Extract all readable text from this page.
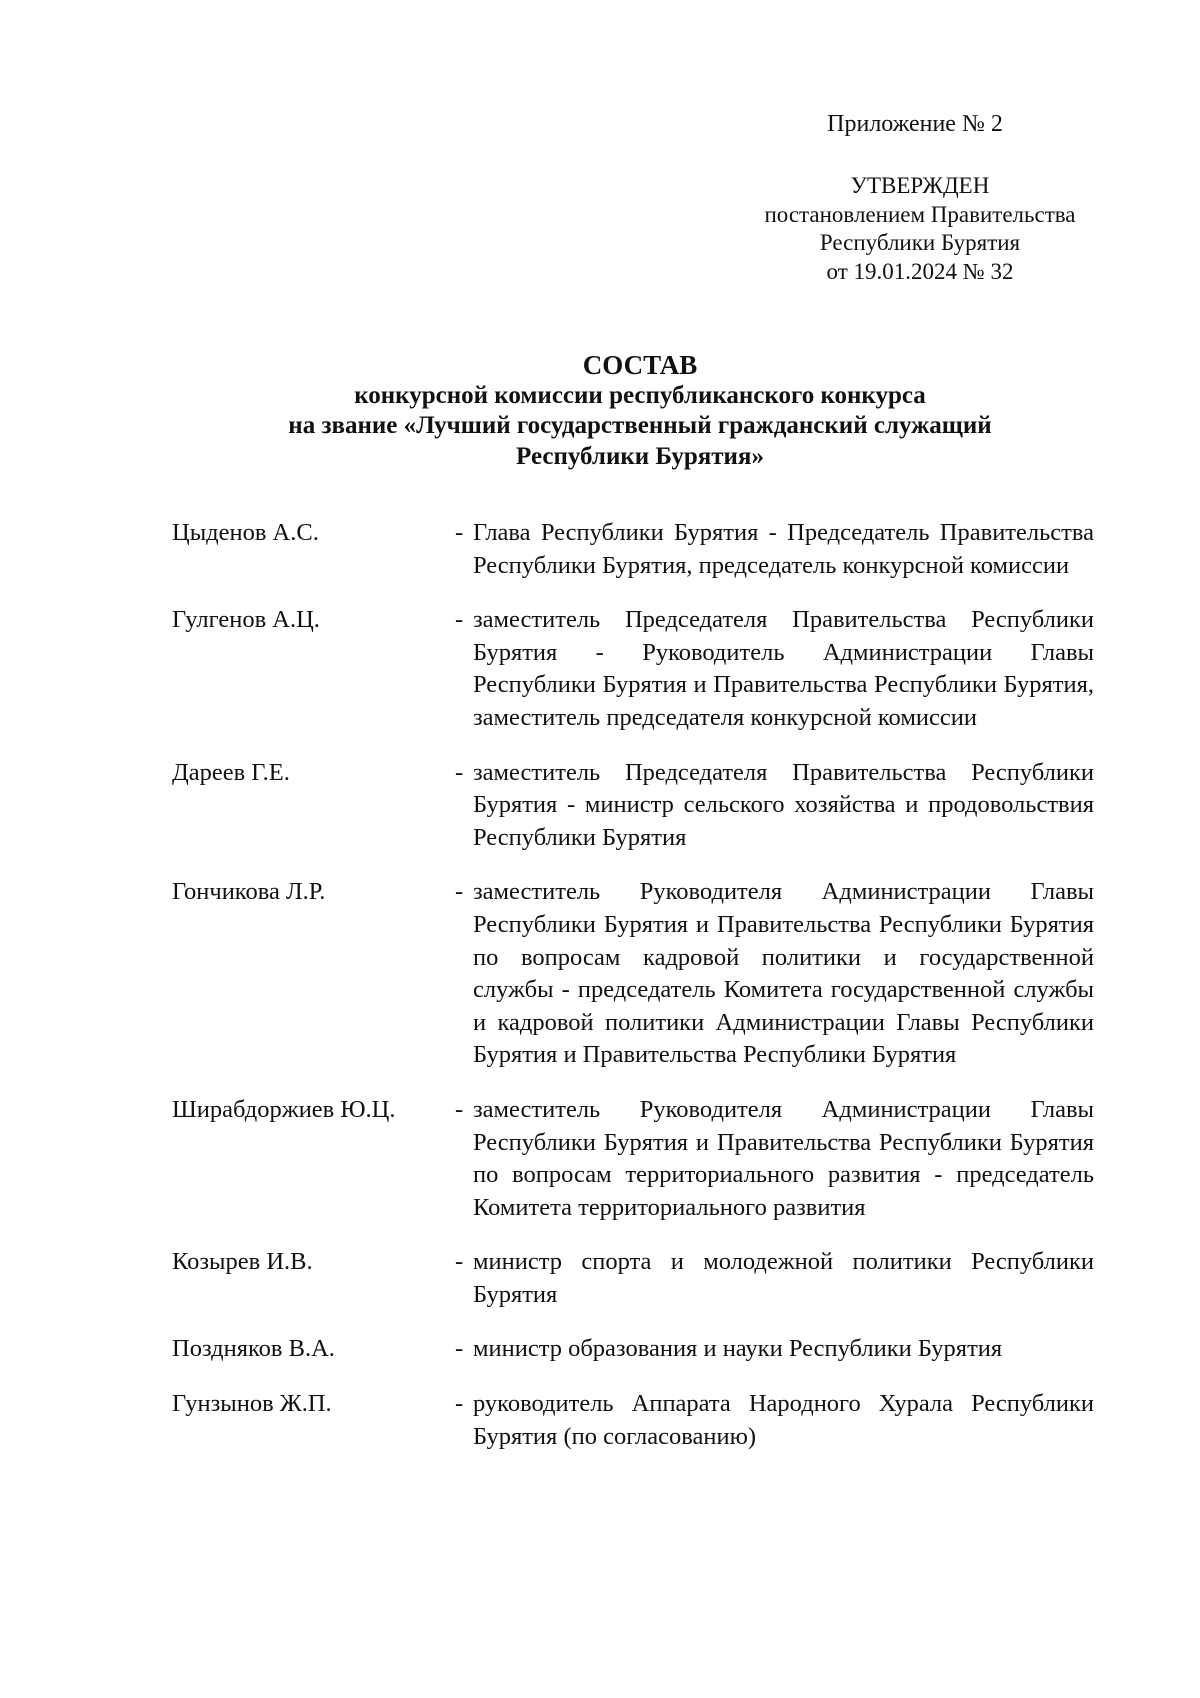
Приложение № 2
УТВЕРЖДЕН
постановлением Правительства
Республики Бурятия
от 19.01.2024 № 32
СОСТАВ
конкурсной комиссии республиканского конкурса
на звание «Лучший государственный гражданский служащий
Республики Бурятия»
Цыденов А.С.	- Глава Республики Бурятия - Председатель Правительства Республики Бурятия, председатель конкурсной комиссии
Гулгенов А.Ц.	- заместитель Председателя Правительства Республики Бурятия - Руководитель Администрации Главы Республики Бурятия и Правительства Республики Бурятия, заместитель председателя конкурсной комиссии
Дареев Г.Е.	- заместитель Председателя Правительства Республики Бурятия - министр сельского хозяйства и продовольствия Республики Бурятия
Гончикова Л.Р.	- заместитель Руководителя Администрации Главы Республики Бурятия и Правительства Республики Бурятия по вопросам кадровой политики и государственной службы - председатель Комитета государственной службы и кадровой политики Администрации Главы Республики Бурятия и Правительства Республики Бурятия
Ширабдоржиев Ю.Ц.	- заместитель Руководителя Администрации Главы Республики Бурятия и Правительства Республики Бурятия по вопросам территориального развития - председатель Комитета территориального развития
Козырев И.В.	- министр спорта и молодежной политики Республики Бурятия
Поздняков В.А.	- министр образования и науки Республики Бурятия
Гунзынов Ж.П.	- руководитель Аппарата Народного Хурала Республики Бурятия (по согласованию)
